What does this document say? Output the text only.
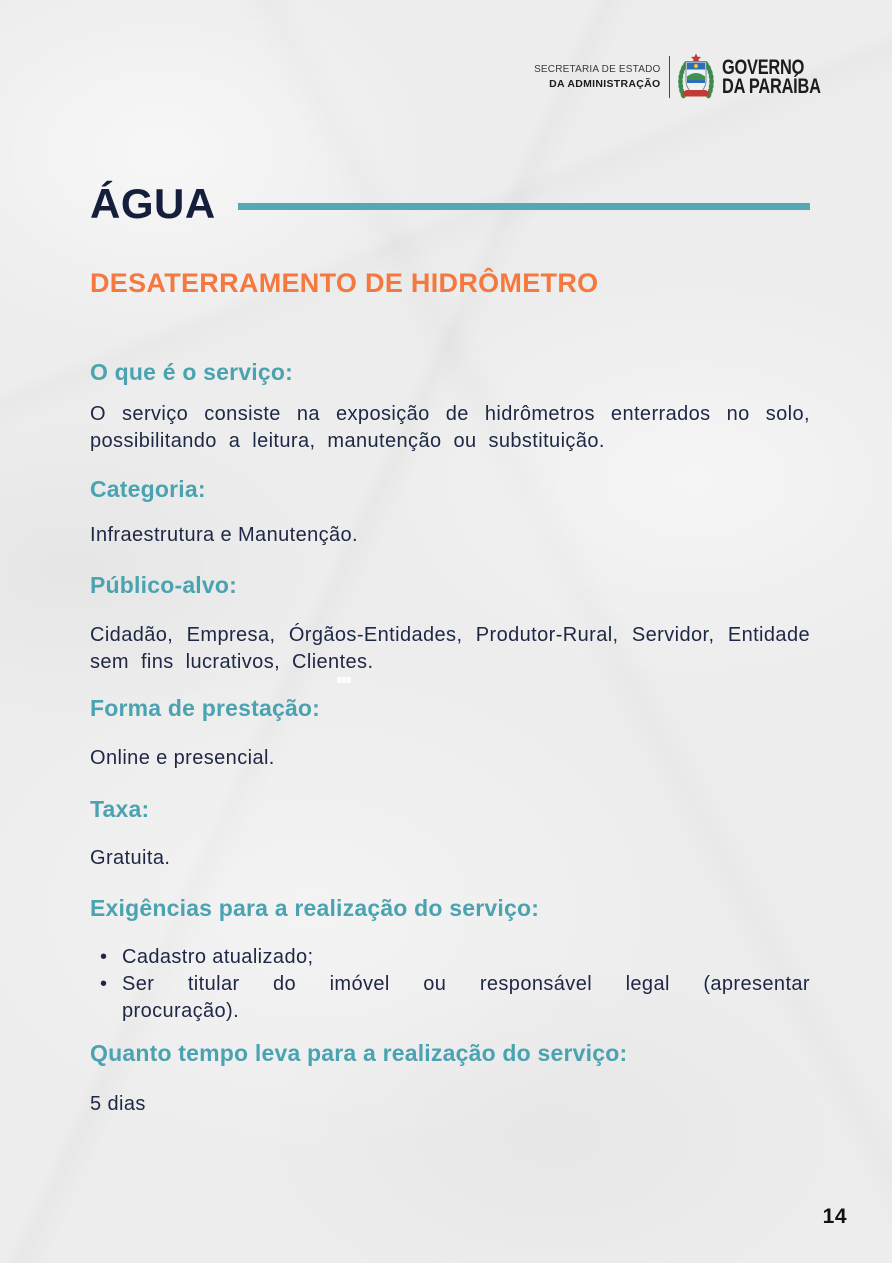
SECRETARIA DE ESTADO
DA ADMINISTRAÇÃO
GOVERNO
DA PARAÍBA
ÁGUA
DESATERRAMENTO DE HIDRÔMETRO
O que é o serviço:

O serviço consiste na exposição de hidrômetros enterrados no solo, possibilitando a leitura, manutenção ou substituição.

Categoria:

Infraestrutura e Manutenção.

Público-alvo:

Cidadão, Empresa, Órgãos-Entidades, Produtor-Rural, Servidor, Entidade sem fins lucrativos, Clientes.

Forma de prestação:

Online e presencial.

Taxa:

Gratuita.

Exigências para a realização do serviço:
• Cadastro atualizado;
• Ser titular do imóvel ou responsável legal (apresentar procuração).
Quanto tempo leva para a realização do serviço:

5 dias

14
